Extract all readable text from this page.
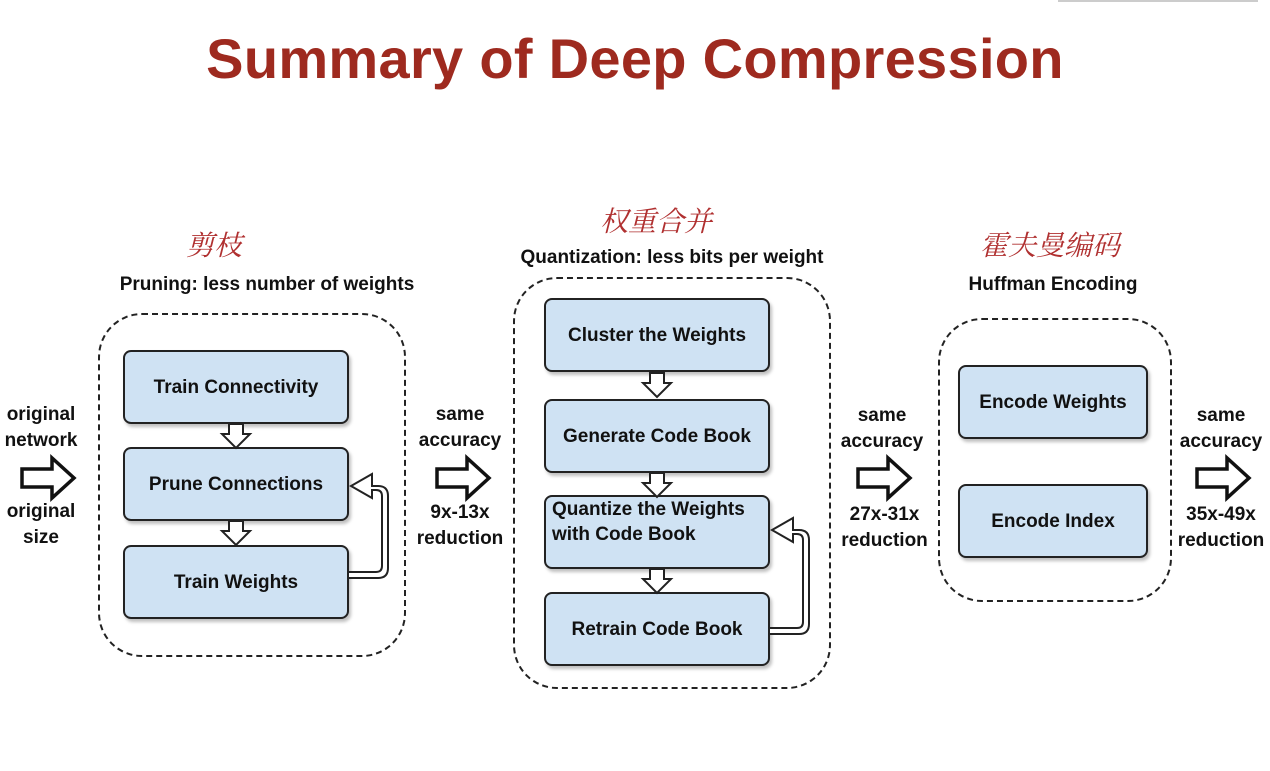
Summary of Deep Compression
original
network
original
size
剪枝
Pruning: less number of weights
Train Connectivity
Prune Connections
Train Weights
same
accuracy
9x-13x
reduction
权重合并
Quantization: less bits per weight
Cluster the Weights
Generate Code Book
Quantize the Weights
with Code Book
Retrain Code Book
same
accuracy
27x-31x
reduction
霍夫曼编码
Huffman Encoding
Encode Weights
Encode Index
same
accuracy
35x-49x
reduction
